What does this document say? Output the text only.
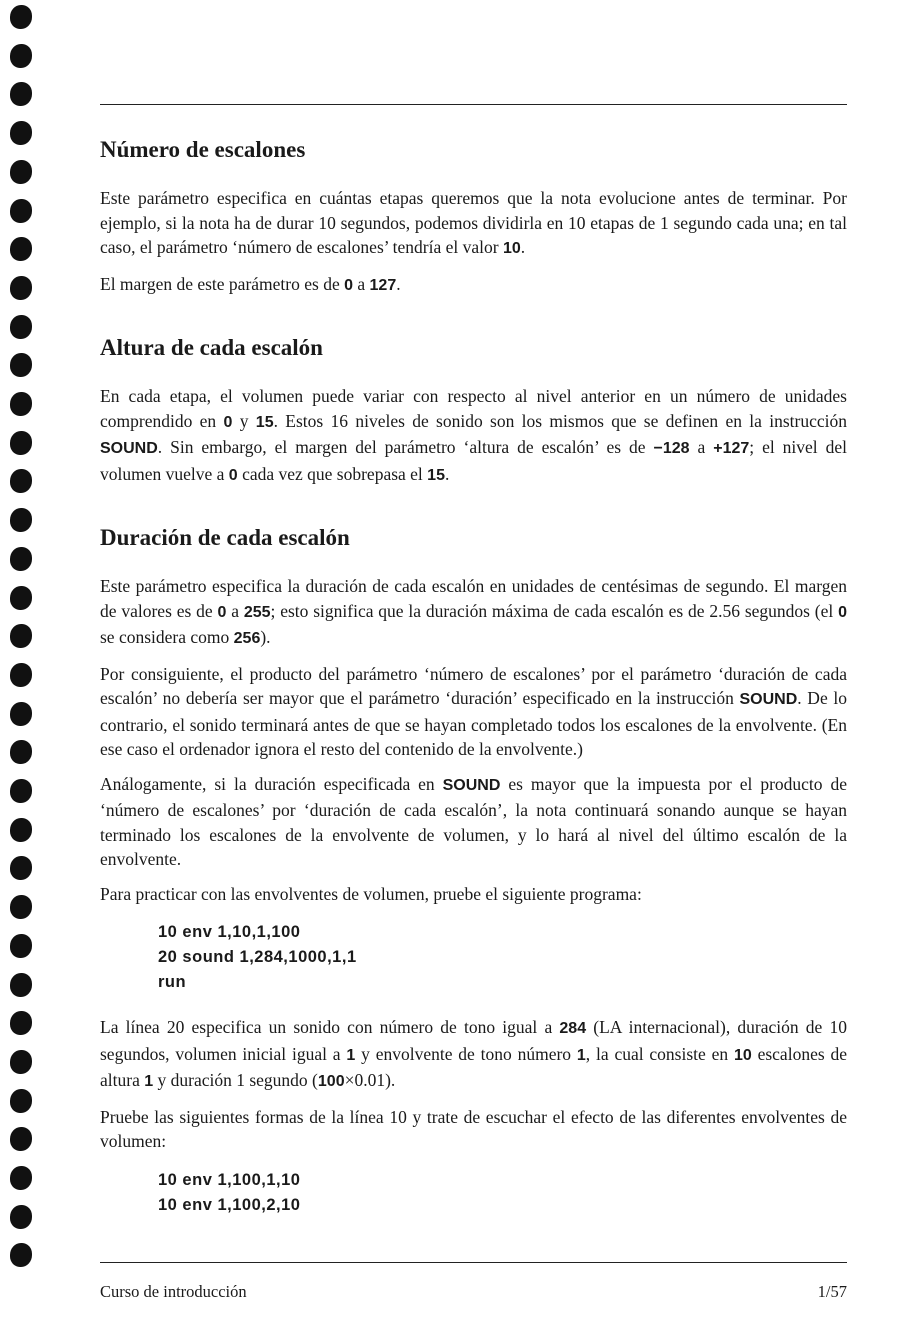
Número de escalones

Este parámetro especifica en cuántas etapas queremos que la nota evolucione antes de terminar. Por ejemplo, si la nota ha de durar 10 segundos, podemos dividirla en 10 etapas de 1 segundo cada una; en tal caso, el parámetro ‘número de escalones’ tendría el valor 10.

El margen de este parámetro es de 0 a 127.

Altura de cada escalón

En cada etapa, el volumen puede variar con respecto al nivel anterior en un número de unidades comprendido en 0 y 15. Estos 16 niveles de sonido son los mismos que se definen en la instrucción SOUND. Sin embargo, el margen del parámetro ‘altura de escalón’ es de −128 a +127; el nivel del volumen vuelve a 0 cada vez que sobrepasa el 15.

Duración de cada escalón

Este parámetro especifica la duración de cada escalón en unidades de centésimas de segundo. El margen de valores es de 0 a 255; esto significa que la duración máxima de cada escalón es de 2.56 segundos (el 0 se considera como 256).

Por consiguiente, el producto del parámetro ‘número de escalones’ por el parámetro ‘duración de cada escalón’ no debería ser mayor que el parámetro ‘duración’ especificado en la instrucción SOUND. De lo contrario, el sonido terminará antes de que se hayan completado todos los escalones de la envolvente. (En ese caso el ordenador ignora el resto del contenido de la envolvente.)

Análogamente, si la duración especificada en SOUND es mayor que la impuesta por el producto de ‘número de escalones’ por ‘duración de cada escalón’, la nota continuará sonando aunque se hayan terminado los escalones de la envolvente de volumen, y lo hará al nivel del último escalón de la envolvente.

Para practicar con las envolventes de volumen, pruebe el siguiente programa:

10 env 1,10,1,100
20 sound 1,284,1000,1,1
run

La línea 20 especifica un sonido con número de tono igual a 284 (LA internacional), duración de 10 segundos, volumen inicial igual a 1 y envolvente de tono número 1, la cual consiste en 10 escalones de altura 1 y duración 1 segundo (100×0.01).

Pruebe las siguientes formas de la línea 10 y trate de escuchar el efecto de las diferentes envolventes de volumen:

10 env 1,100,1,10
10 env 1,100,2,10
Curso de introducción	1/57
